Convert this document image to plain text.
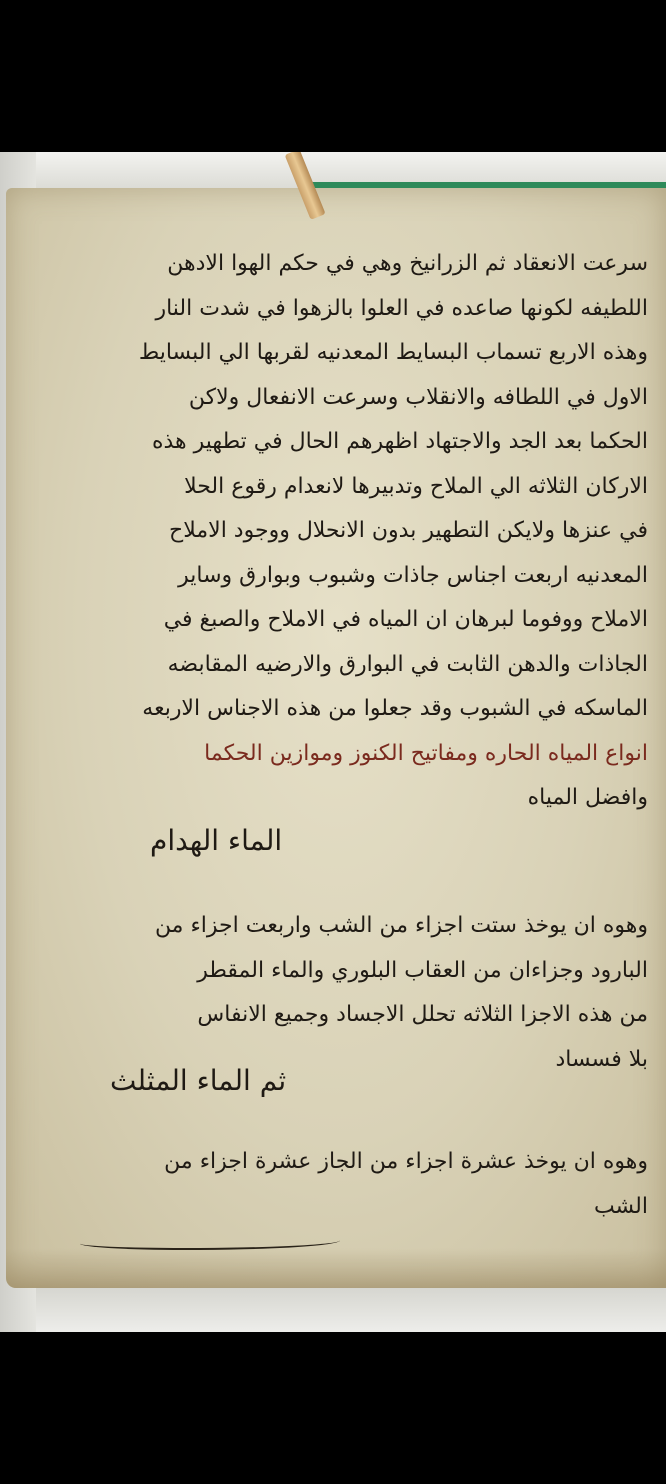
سرعت الانعقاد ثم الزرانيخ وهي في حكم الهوا الادهن
اللطيفه لكونها صاعده في العلوا بالزهوا في شدت النار
وهذه الاربع تسماب البسايط المعدنيه لقربها الي البسايط
الاول في اللطافه والانقلاب وسرعت الانفعال ولاكن
الحكما بعد الجد والاجتهاد اظهرهم الحال في تطهير هذه
الاركان الثلاثه الي الملاح وتدبيرها لانعدام رقوع الحلا
في عنزها ولايكن التطهير بدون الانحلال ووجود الاملاح
المعدنيه اربعت اجناس جاذات وشبوب وبوارق وساير
الاملاح ووفوما لبرهان ان المياه في الاملاح والصبغ في
الجاذات والدهن الثابت في البوارق والارضيه المقابضه
الماسكه في الشبوب وقد جعلوا من هذه الاجناس الاربعه
انواع المياه الحاره ومفاتيح الكنوز وموازين الحكما
وافضل المياه
الماء الهدام
وهوه ان يوخذ ستت اجزاء من الشب واربعت اجزاء من
البارود وجزاءان من العقاب البلوري والماء المقطر
من هذه الاجزا الثلاثه تحلل الاجساد وجميع الانفاس
بلا فسساد
ثم الماء المثلث
وهوه ان يوخذ عشرة اجزاء من الجاز عشرة اجزاء من
الشب
